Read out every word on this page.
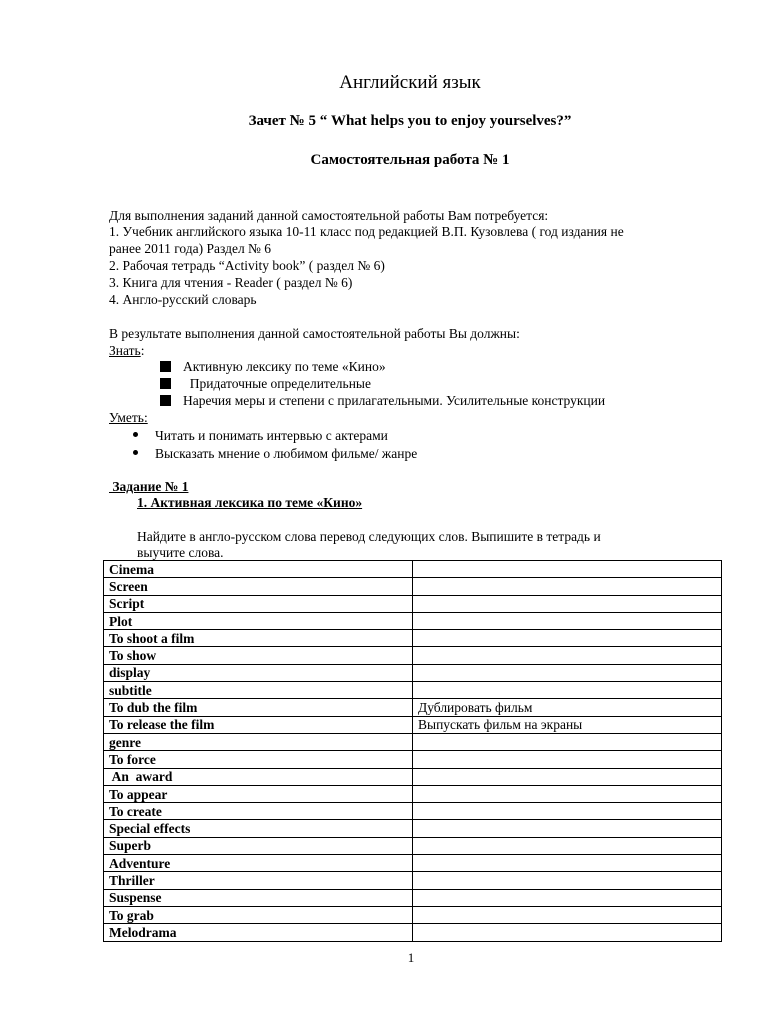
Английский язык
Зачет № 5 “ What helps you to enjoy yourselves?”
Самостоятельная работа № 1
Для выполнения заданий данной самостоятельной работы Вам потребуется:
1. Учебник английского языка 10-11 класс под редакцией В.П. Кузовлева ( год издания не
ранее 2011 года) Раздел № 6
2. Рабочая тетрадь “Activity book” ( раздел № 6)
3. Книга для чтения - Reader ( раздел № 6)
4. Англо-русский словарь
В результате выполнения данной самостоятельной работы Вы должны:
Знать:
Активную лексику по теме «Кино»
Придаточные определительные
Наречия меры и степени с прилагательными. Усилительные конструкции
Уметь:
Читать и понимать интервью с актерами
Высказать мнение о любимом фильме/ жанре
Задание № 1
1. Активная лексика по теме «Кино»
Найдите в англо-русском слова перевод следующих слов. Выпишите в тетрадь и
выучите слова.
Cinema	
Screen	
Script	
Plot	
To shoot a film	
To show	
display	
subtitle	
To dub the film	Дублировать фильм
To release the film	Выпускать фильм на экраны
genre	
To force	
An  award	
To appear	
To create	
Special effects	
Superb	
Adventure	
Thriller	
Suspense	
To grab	
Melodrama	
1
